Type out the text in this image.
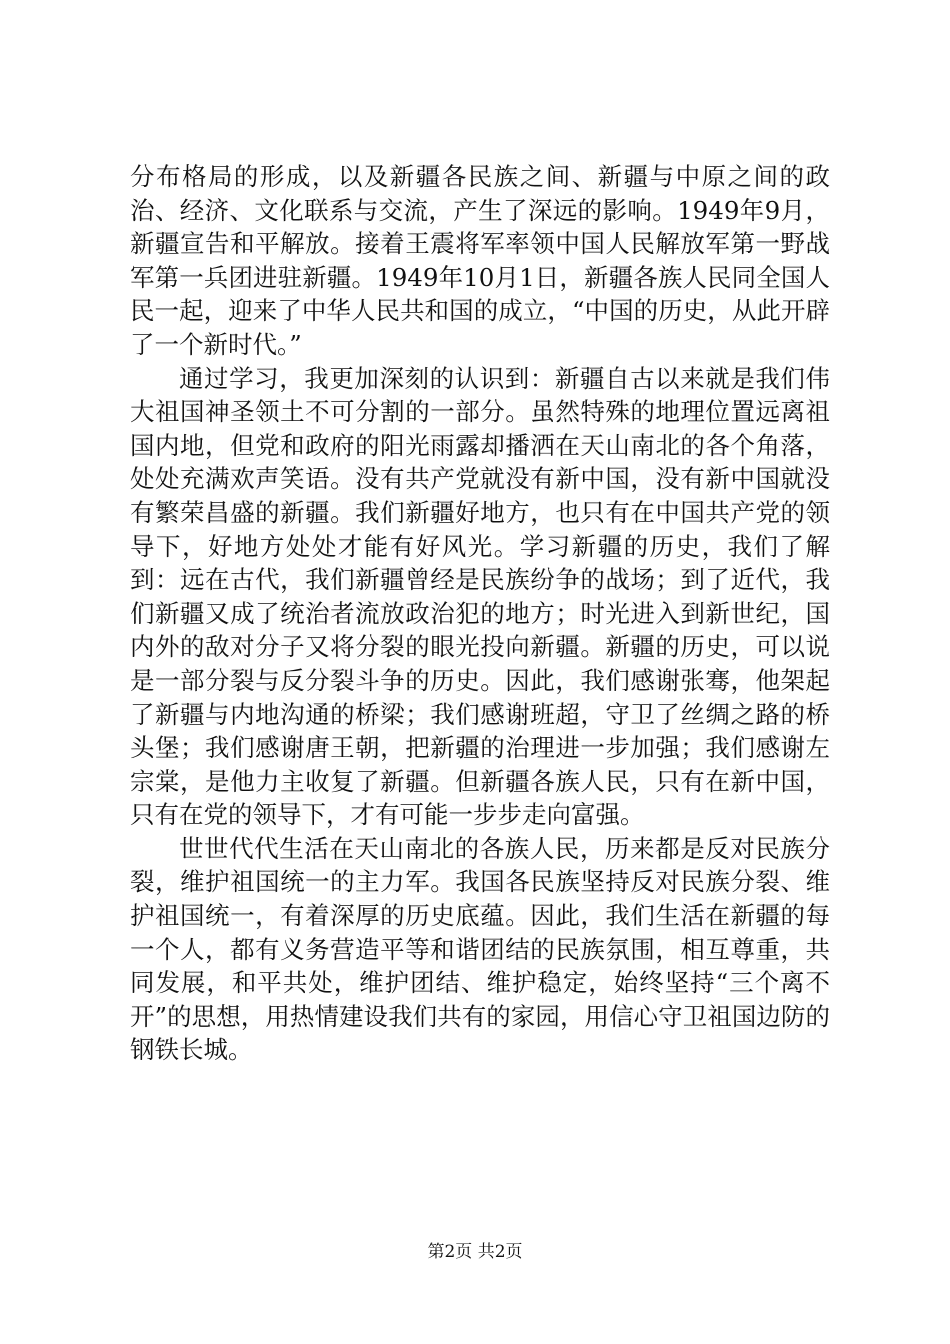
分布格局的形成，以及新疆各民族之间、新疆与中原之间的政治、经济、文化联系与交流，产生了深远的影响。1949年9月，新疆宣告和平解放。接着王震将军率领中国人民解放军第一野战军第一兵团进驻新疆。1949年10月1日，新疆各族人民同全国人民一起，迎来了中华人民共和国的成立，“中国的历史，从此开辟了一个新时代。”

通过学习，我更加深刻的认识到：新疆自古以来就是我们伟大祖国神圣领土不可分割的一部分。虽然特殊的地理位置远离祖国内地，但党和政府的阳光雨露却播洒在天山南北的各个角落，处处充满欢声笑语。没有共产党就没有新中国，没有新中国就没有繁荣昌盛的新疆。我们新疆好地方，也只有在中国共产党的领导下，好地方处处才能有好风光。学习新疆的历史，我们了解到：远在古代，我们新疆曾经是民族纷争的战场；到了近代，我们新疆又成了统治者流放政治犯的地方；时光进入到新世纪，国内外的敌对分子又将分裂的眼光投向新疆。新疆的历史，可以说是一部分裂与反分裂斗争的历史。因此，我们感谢张骞，他架起了新疆与内地沟通的桥梁；我们感谢班超，守卫了丝绸之路的桥头堡；我们感谢唐王朝，把新疆的治理进一步加强；我们感谢左宗棠，是他力主收复了新疆。但新疆各族人民，只有在新中国，只有在党的领导下，才有可能一步步走向富强。

世世代代生活在天山南北的各族人民，历来都是反对民族分裂，维护祖国统一的主力军。我国各民族坚持反对民族分裂、维护祖国统一，有着深厚的历史底蕴。因此，我们生活在新疆的每一个人，都有义务营造平等和谐团结的民族氛围，相互尊重，共同发展，和平共处，维护团结、维护稳定，始终坚持“三个离不开”的思想，用热情建设我们共有的家园，用信心守卫祖国边防的钢铁长城。

第2页 共2页
